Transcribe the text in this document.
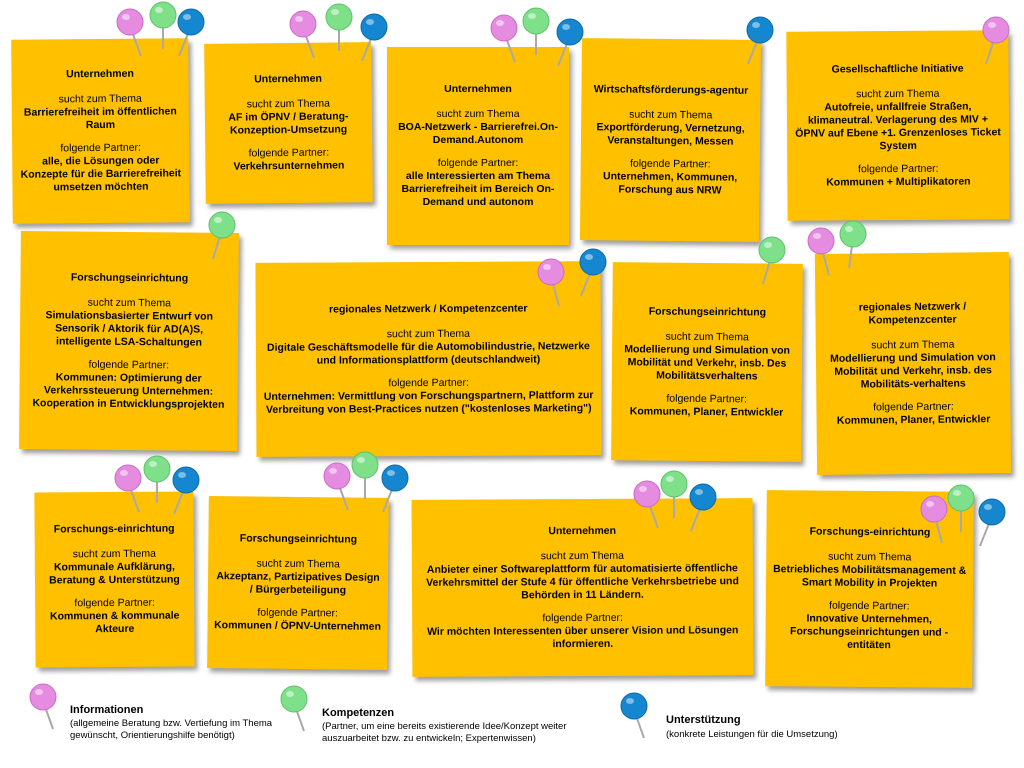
Unternehmen
sucht zum Thema
Barrierefreiheit im öffentlichen Raum
folgende Partner:
alle, die Lösungen oder Konzepte für die Barrierefreiheit umsetzen möchten
Unternehmen
sucht zum Thema
AF im ÖPNV / Beratung-Konzeption-Umsetzung
folgende Partner:
Verkehrsunternehmen
Unternehmen
sucht zum Thema
BOA-Netzwerk - Barrierefrei.On-Demand.Autonom
folgende Partner:
alle Interessierten am Thema Barrierefreiheit im Bereich On-Demand und autonom
Wirtschaftsförderungs-agentur
sucht zum Thema
Exportförderung, Vernetzung, Veranstaltungen, Messen
folgende Partner:
Unternehmen, Kommunen, Forschung aus NRW
Gesellschaftliche Initiative
sucht zum Thema
Autofreie, unfallfreie Straßen, klimaneutral. Verlagerung des MIV + ÖPNV auf Ebene +1. Grenzenloses Ticket System
folgende Partner:
Kommunen + Multiplikatoren
Forschungseinrichtung
sucht zum Thema
Simulationsbasierter Entwurf von Sensorik / Aktorik für AD(A)S, intelligente LSA-Schaltungen
folgende Partner:
Kommunen: Optimierung der Verkehrssteuerung Unternehmen: Kooperation in Entwicklungsprojekten
regionales Netzwerk / Kompetenzcenter
sucht zum Thema
Digitale Geschäftsmodelle für die Automobilindustrie, Netzwerke und Informationsplattform (deutschlandweit)
folgende Partner:
Unternehmen: Vermittlung von Forschungspartnern, Plattform zur Verbreitung von Best-Practices nutzen ("kostenloses Marketing")
Forschungseinrichtung
sucht zum Thema
Modellierung und Simulation von Mobilität und Verkehr, insb. Des Mobilitätsverhaltens
folgende Partner:
Kommunen, Planer, Entwickler
regionales Netzwerk / Kompetenzcenter
sucht zum Thema
Modellierung und Simulation von Mobilität und Verkehr, insb. des Mobilitäts-verhaltens
folgende Partner:
Kommunen, Planer, Entwickler
Forschungs-einrichtung
sucht zum Thema
Kommunale Aufklärung, Beratung & Unterstützung
folgende Partner:
Kommunen & kommunale Akteure
Forschungseinrichtung
sucht zum Thema
Akzeptanz, Partizipatives Design / Bürgerbeteiligung
folgende Partner:
Kommunen / ÖPNV-Unternehmen
Unternehmen
sucht zum Thema
Anbieter einer Softwareplattform für automatisierte öffentliche Verkehrsmittel der Stufe 4 für öffentliche Verkehrsbetriebe und Behörden in 11 Ländern.
folgende Partner:
Wir möchten Interessenten über unserer Vision und Lösungen informieren.
Forschungs-einrichtung
sucht zum Thema
Betriebliches Mobilitätsmanagement & Smart Mobility in Projekten
folgende Partner:
Innovative Unternehmen, Forschungseinrichtungen und -entitäten
Informationen
(allgemeine Beratung bzw. Vertiefung im Thema gewünscht, Orientierungshilfe benötigt)
Kompetenzen
(Partner, um eine bereits existierende Idee/Konzept weiter auszuarbeitet bzw. zu entwickeln; Expertenwissen)
Unterstützung
(konkrete Leistungen für die Umsetzung)
